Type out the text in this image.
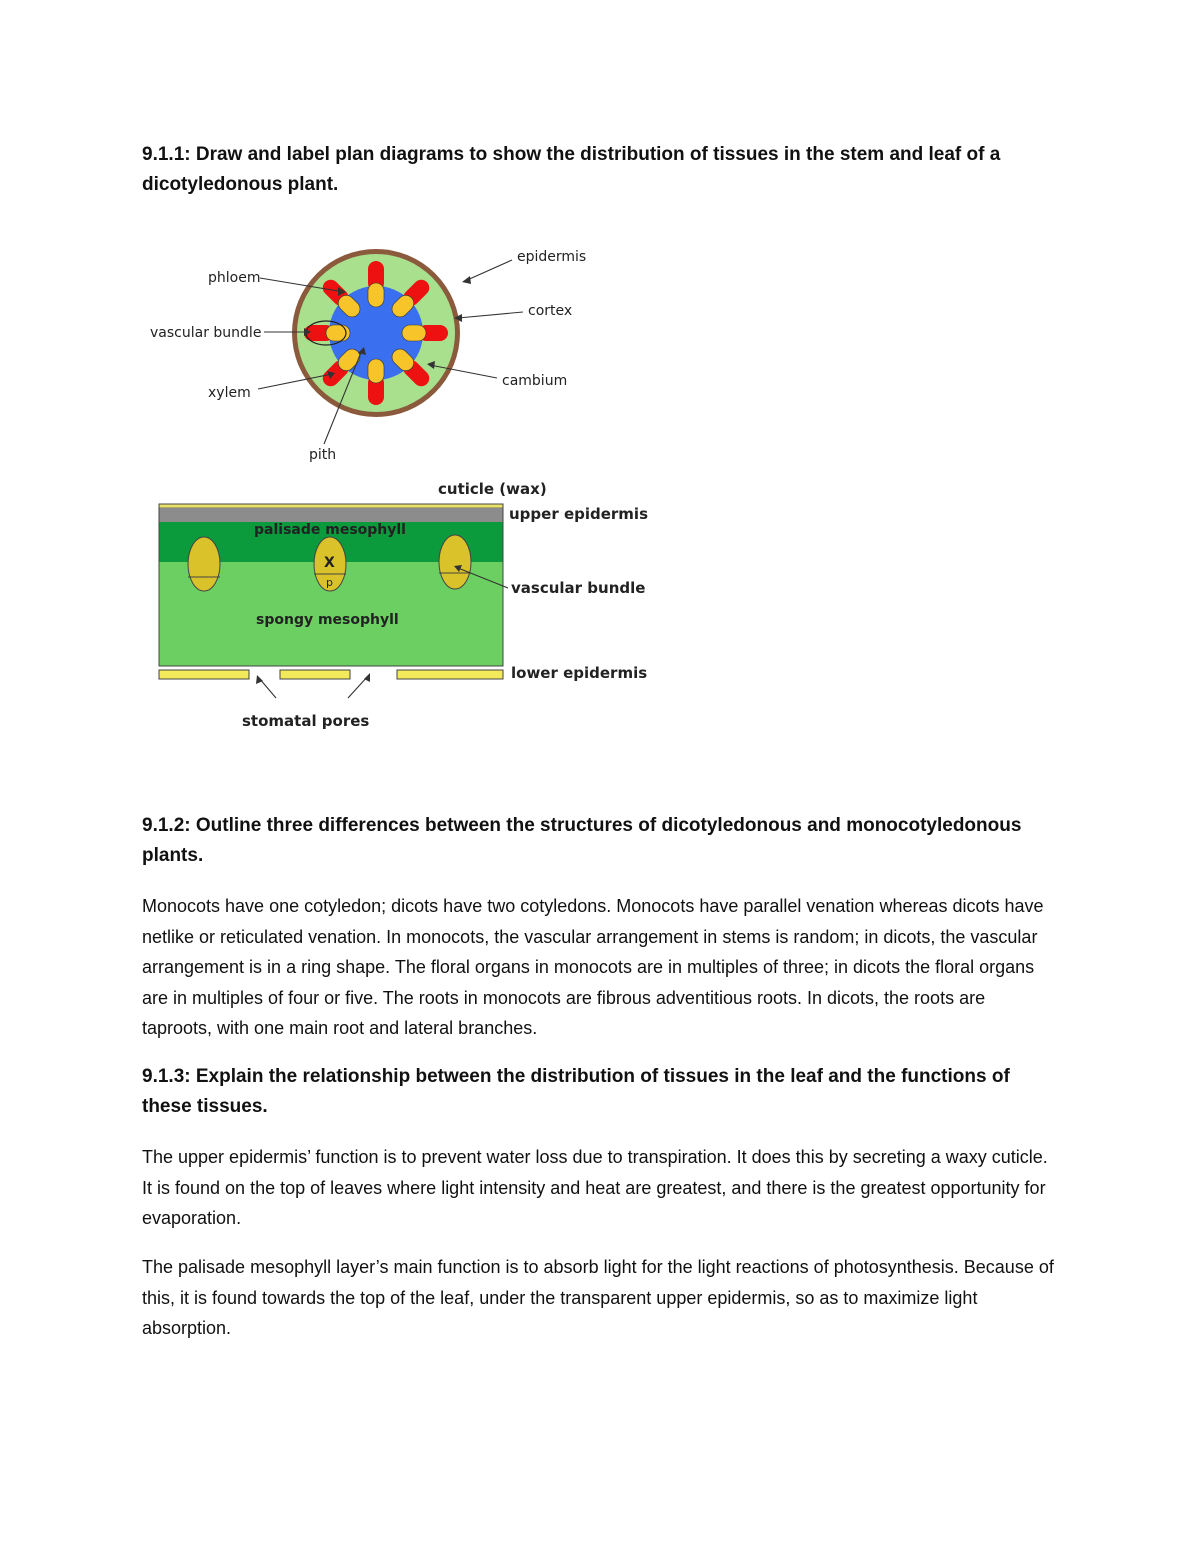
9.1.1: Draw and label plan diagrams to show the distribution of tissues in the stem and leaf of a dicotyledonous plant.

phloem
vascular bundle
xylem
pith
epidermis
cortex
cambium
cuticle (wax)
X
p
palisade mesophyll
spongy mesophyll
upper epidermis
vascular bundle
lower epidermis
stomatal pores

9.1.2: Outline three differences between the structures of dicotyledonous and monocotyledonous plants.

Monocots have one cotyledon; dicots have two cotyledons. Monocots have parallel venation whereas dicots have netlike or reticulated venation. In monocots, the vascular arrangement in stems is random; in dicots, the vascular arrangement is in a ring shape. The floral organs in monocots are in multiples of three; in dicots the floral organs are in multiples of four or five. The roots in monocots are fibrous adventitious roots. In dicots, the roots are taproots, with one main root and lateral branches.

9.1.3: Explain the relationship between the distribution of tissues in the leaf and the functions of these tissues.

The upper epidermis’ function is to prevent water loss due to transpiration. It does this by secreting a waxy cuticle. It is found on the top of leaves where light intensity and heat are greatest, and there is the greatest opportunity for evaporation.

The palisade mesophyll layer’s main function is to absorb light for the light reactions of photosynthesis. Because of this, it is found towards the top of the leaf, under the transparent upper epidermis, so as to maximize light absorption.
